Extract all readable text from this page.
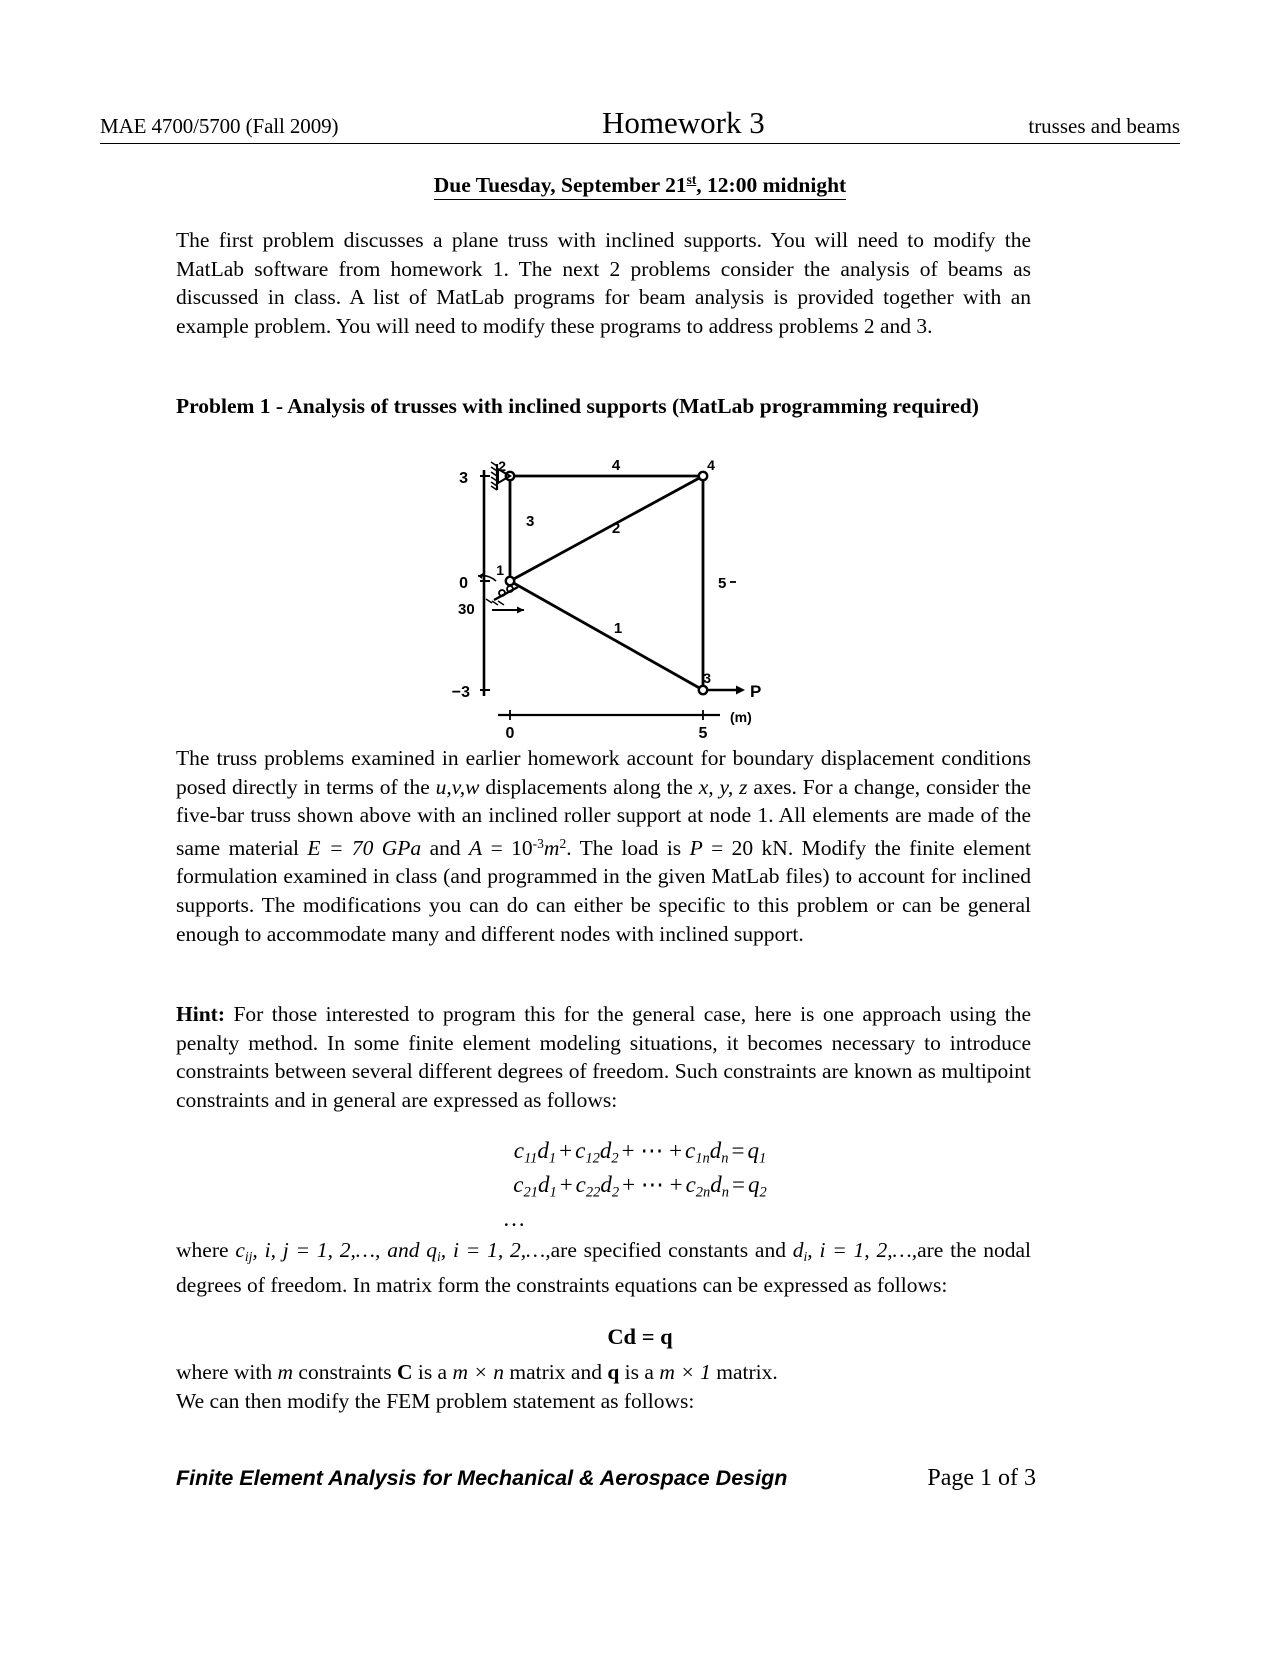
MAE 4700/5700 (Fall 2009)	Homework 3	trusses and beams
Due Tuesday, September 21st, 12:00 midnight
The first problem discusses a plane truss with inclined supports. You will need to modify the MatLab software from homework 1. The next 2 problems consider the analysis of beams as discussed in class. A list of MatLab programs for beam analysis is provided together with an example problem. You will need to modify these programs to address problems 2 and 3.
Problem 1 - Analysis of trusses with inclined supports (MatLab programming required)
3
0
−3
30
2	4
1
3
3
4
2
5
1
P
0	5
(m)
The truss problems examined in earlier homework account for boundary displacement conditions posed directly in terms of the u,v,w displacements along the x, y, z axes. For a change, consider the five-bar truss shown above with an inclined roller support at node 1. All elements are made of the same material E = 70 GPa and $A = 10^{-3}m^2$. The load is P = 20 kN. Modify the finite element formulation examined in class (and programmed in the given MatLab files) to account for inclined supports. The modifications you can do can either be specific to this problem or can be general enough to accommodate many and different nodes with inclined support.
Hint: For those interested to program this for the general case, here is one approach using the penalty method. In some finite element modeling situations, it becomes necessary to introduce constraints between several different degrees of freedom. Such constraints are known as multipoint constraints and in general are expressed as follows:
$c_{11}d_1 + c_{12}d_2$ + ⋯ + $c_{1n}d_n = q_1$
$c_{21}d_1 + c_{22}d_2$ + ⋯ + $c_{2n}d_n = q_2$
…
where cij, i, j = 1, 2,…, and qi, i = 1, 2,…,are specified constants and di, i = 1, 2,…,are the nodal degrees of freedom. In matrix form the constraints equations can be expressed as follows:
Cd = q
where with m constraints C is a m × n matrix and q is a m × 1 matrix.
We can then modify the FEM problem statement as follows:
Finite Element Analysis for Mechanical & Aerospace Design	Page 1 of 3
